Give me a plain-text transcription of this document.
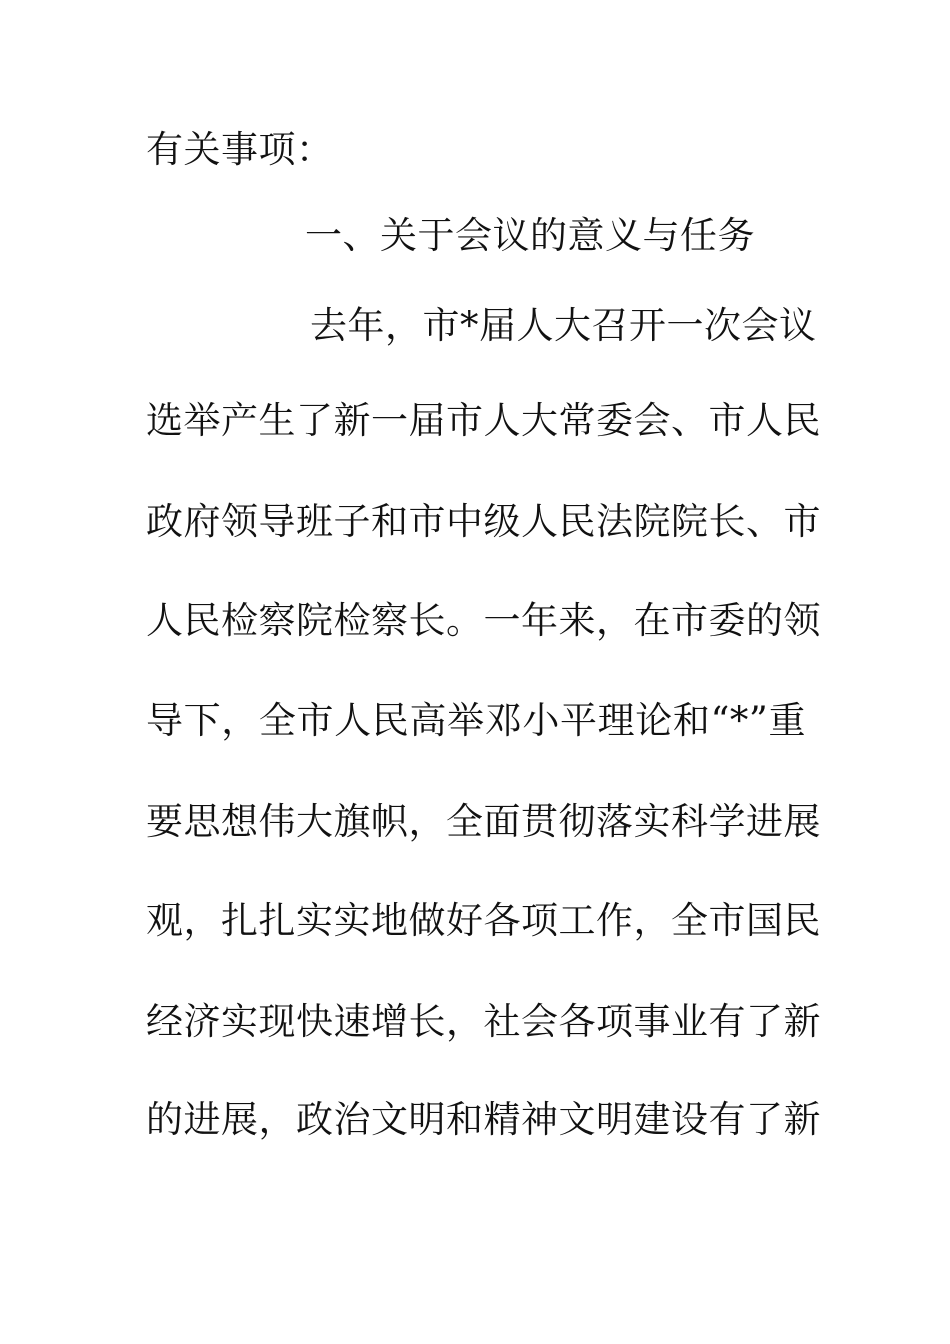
有关事项：
一、关于会议的意义与任务
去年，市*届人大召开一次会议
选举产生了新一届市人大常委会、市人民
政府领导班子和市中级人民法院院长、市
人民检察院检察长。一年来，在市委的领
导下，全市人民高举邓小平理论和“*”重
要思想伟大旗帜，全面贯彻落实科学进展
观，扎扎实实地做好各项工作，全市国民
经济实现快速增长，社会各项事业有了新
的进展，政治文明和精神文明建设有了新
